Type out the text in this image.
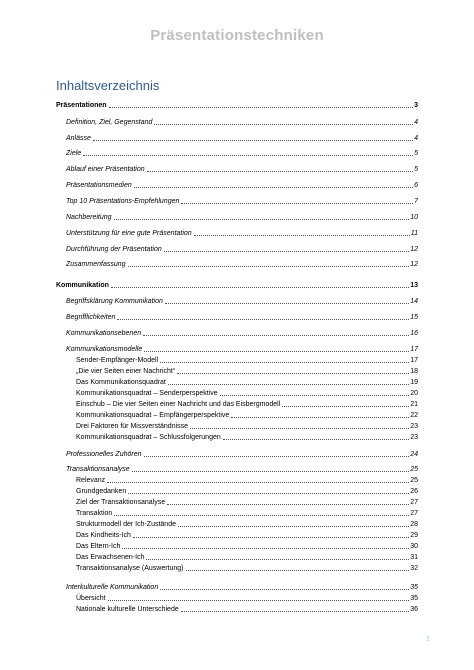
Präsentationstechniken
Inhaltsverzeichnis
Präsentationen	3
Definition, Ziel, Gegenstand	4
Anlässe	4
Ziele	5
Ablauf einer Präsentation	5
Präsentationsmedien	6
Top 10 Präsentations-Empfehlungen	7
Nachbereitung	10
Unterstützung für eine gute Präsentation	11
Durchführung der Präsentation	12
Zusammenfassung	12
Kommunikation	13
Begriffsklärung Kommunikation	14
Begrifflichkeiten	15
Kommunikationsebenen	16
Kommunikationsmodelle	17
Sender-Empfänger-Modell	17
„Die vier Seiten einer Nachricht“	18
Das Kommunikationsquadrat	19
Kommunikationsquadrat – Senderperspektive	20
Einschub – Die vier Seiten einer Nachricht und das Eisbergmodell	21
Kommunikationsquadrat – Empfängerperspektive	22
Drei Faktoren für Missverständnisse	23
Kommunikationsquadrat – Schlussfolgerungen	23
Professionelles Zuhören	24
Transaktionsanalyse	25
Relevanz	25
Grundgedanken	26
Ziel der Transaktionsanalyse	27
Transaktion	27
Strukturmodell der Ich-Zustände	28
Das Kindheits-Ich	29
Das Eltern-Ich	30
Das Erwachsenen-Ich	31
Transaktionsanalyse (Auswertung)	32
Interkulturelle Kommunikation	35
Übersicht	35
Nationale kulturelle Unterschiede	36
1
